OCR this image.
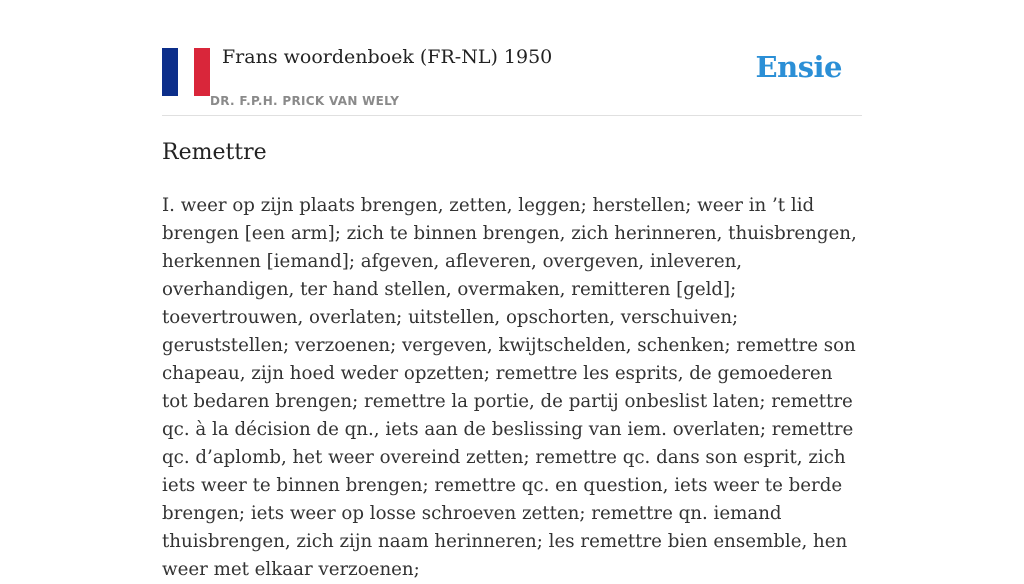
Frans woordenboek (FR-NL) 1950
DR. F.P.H. PRICK VAN WELY
Ensie
Remettre

I. weer op zijn plaats brengen, zetten, leggen; herstellen; weer in ’t lid brengen [een arm]; zich te binnen brengen, zich herinneren, thuisbrengen, herkennen [iemand]; afgeven, afleveren, overgeven, inleveren, overhandigen, ter hand stellen, overmaken, remitteren [geld]; toevertrouwen, overlaten; uitstellen, opschorten, verschuiven; geruststellen; verzoenen; vergeven, kwijtschelden, schenken; remettre son chapeau, zijn hoed weder opzetten; remettre les esprits, de gemoederen tot bedaren brengen; remettre la portie, de partij onbeslist laten; remettre qc. à la décision de qn., iets aan de beslissing van iem. overlaten; remettre qc. d’aplomb, het weer overeind zetten; remettre qc. dans son esprit, zich iets weer te binnen brengen; remettre qc. en question, iets weer te berde brengen; iets weer op losse schroeven zetten; remettre qn. iemand thuisbrengen, zich zijn naam herinneren; les remettre bien ensemble, hen weer met elkaar verzoenen;
